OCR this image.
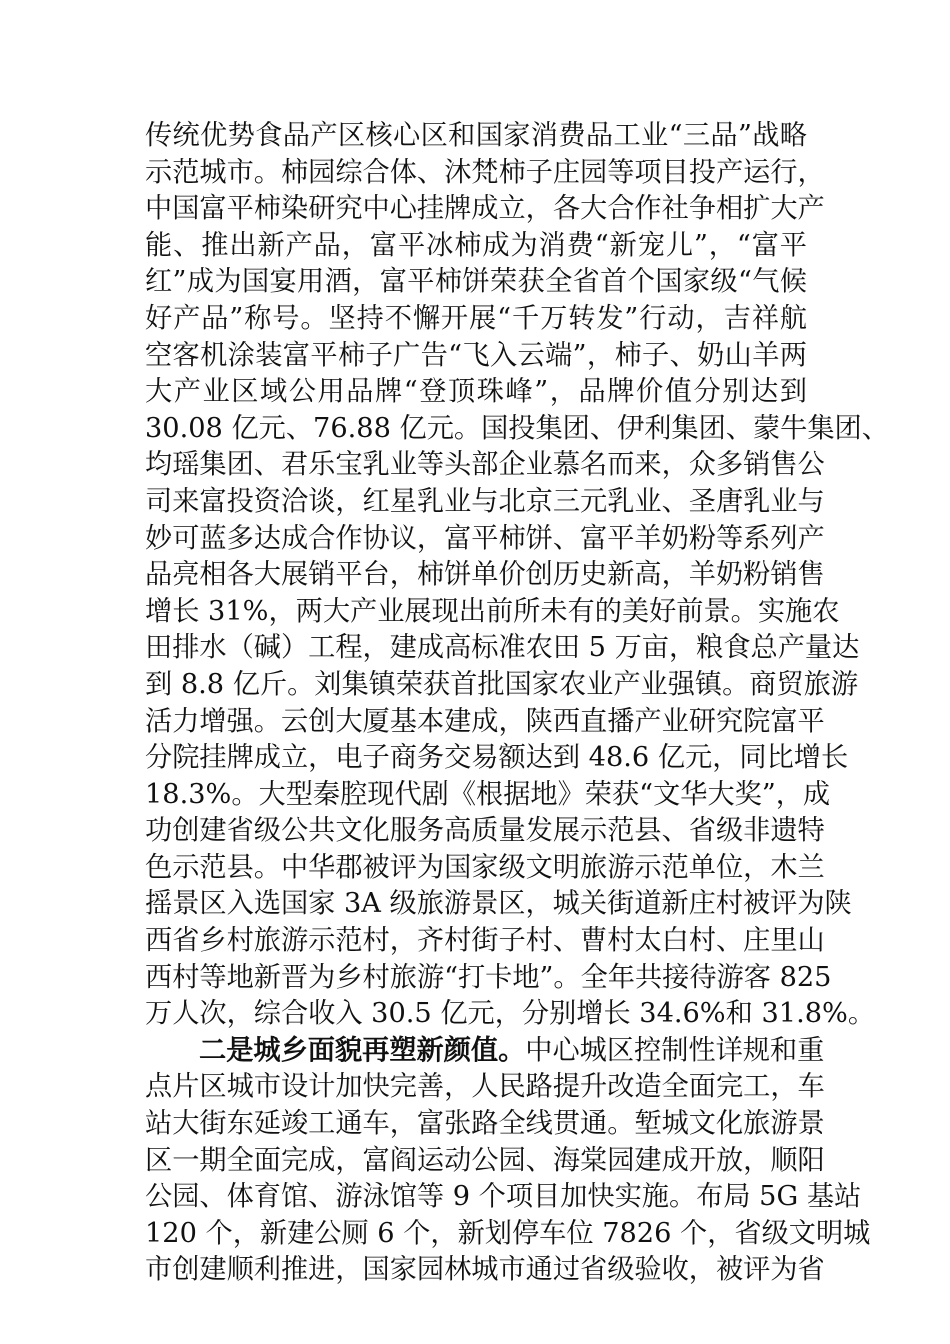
传统优势食品产区核心区和国家消费品工业“三品”战略
示范城市。柿园综合体、沐梵柿子庄园等项目投产运行，
中国富平柿染研究中心挂牌成立，各大合作社争相扩大产
能、推出新产品，富平冰柿成为消费“新宠儿”，“富平
红”成为国宴用酒，富平柿饼荣获全省首个国家级“气候
好产品”称号。坚持不懈开展“千万转发”行动，吉祥航
空客机涂装富平柿子广告“飞入云端”，柿子、奶山羊两
大产业区域公用品牌“登顶珠峰”，品牌价值分别达到
30.08 亿元、76.88 亿元。国投集团、伊利集团、蒙牛集团、
均瑶集团、君乐宝乳业等头部企业慕名而来，众多销售公
司来富投资洽谈，红星乳业与北京三元乳业、圣唐乳业与
妙可蓝多达成合作协议，富平柿饼、富平羊奶粉等系列产
品亮相各大展销平台，柿饼单价创历史新高，羊奶粉销售
增长 31%，两大产业展现出前所未有的美好前景。实施农
田排水（碱）工程，建成高标准农田 5 万亩，粮食总产量达
到 8.8 亿斤。刘集镇荣获首批国家农业产业强镇。商贸旅游
活力增强。云创大厦基本建成，陕西直播产业研究院富平
分院挂牌成立，电子商务交易额达到 48.6 亿元，同比增长
18.3%。大型秦腔现代剧《根据地》荣获“文华大奖”，成
功创建省级公共文化服务高质量发展示范县、省级非遗特
色示范县。中华郡被评为国家级文明旅游示范单位，木兰
摇景区入选国家 3A 级旅游景区，城关街道新庄村被评为陕
西省乡村旅游示范村，齐村街子村、曹村太白村、庄里山
西村等地新晋为乡村旅游“打卡地”。全年共接待游客 825
万人次，综合收入 30.5 亿元，分别增长 34.6%和 31.8%。
二是城乡面貌再塑新颜值。中心城区控制性详规和重
点片区城市设计加快完善，人民路提升改造全面完工，车
站大街东延竣工通车，富张路全线贯通。堑城文化旅游景
区一期全面完成，富阎运动公园、海棠园建成开放，顺阳
公园、体育馆、游泳馆等 9 个项目加快实施。布局 5G 基站
120 个，新建公厕 6 个，新划停车位 7826 个，省级文明城
市创建顺利推进，国家园林城市通过省级验收，被评为省
